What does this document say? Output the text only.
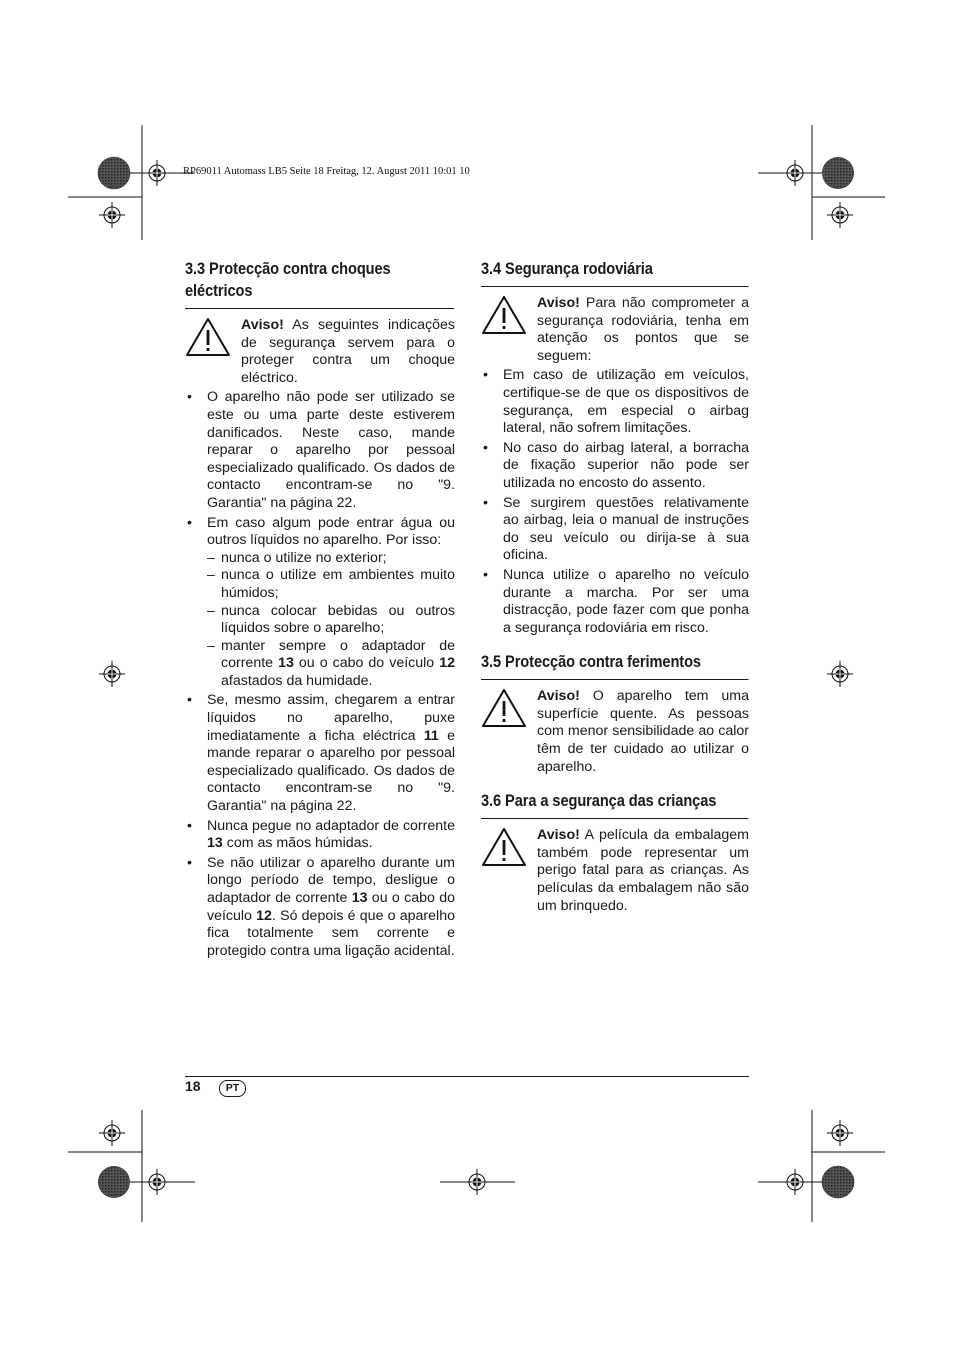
RP69011 Automass LB5 Seite 18 Freitag, 12. August 2011 10:01 10
3.3 Protecção contra choques eléctricos
Aviso! As seguintes indicações de segurança servem para o proteger contra um choque eléctrico.
• O aparelho não pode ser utilizado se este ou uma parte deste estiverem danificados. Neste caso, mande reparar o aparelho por pessoal especializado qualificado. Os dados de contacto encontram-se no "9. Garantia" na página 22.
• Em caso algum pode entrar água ou outros líquidos no aparelho. Por isso:
– nunca o utilize no exterior;
– nunca o utilize em ambientes muito húmidos;
– nunca colocar bebidas ou outros líquidos sobre o aparelho;
– manter sempre o adaptador de corrente 13 ou o cabo do veículo 12 afastados da humidade.
• Se, mesmo assim, chegarem a entrar líquidos no aparelho, puxe imediatamente a ficha eléctrica 11 e mande reparar o aparelho por pessoal especializado qualificado. Os dados de contacto encontram-se no "9. Garantia" na página 22.
• Nunca pegue no adaptador de corrente 13 com as mãos húmidas.
• Se não utilizar o aparelho durante um longo período de tempo, desligue o adaptador de corrente 13 ou o cabo do veículo 12. Só depois é que o aparelho fica totalmente sem corrente e protegido contra uma ligação acidental.
3.4 Segurança rodoviária
Aviso! Para não comprometer a segurança rodoviária, tenha em atenção os pontos que se seguem:
• Em caso de utilização em veículos, certifique-se de que os dispositivos de segurança, em especial o airbag lateral, não sofrem limitações.
• No caso do airbag lateral, a borracha de fixação superior não pode ser utilizada no encosto do assento.
• Se surgirem questões relativamente ao airbag, leia o manual de instruções do seu veículo ou dirija-se à sua oficina.
• Nunca utilize o aparelho no veículo durante a marcha. Por ser uma distracção, pode fazer com que ponha a segurança rodoviária em risco.
3.5 Protecção contra ferimentos
Aviso! O aparelho tem uma superfície quente. As pessoas com menor sensibilidade ao calor têm de ter cuidado ao utilizar o aparelho.
3.6 Para a segurança das crianças
Aviso! A película da embalagem também pode representar um perigo fatal para as crianças. As películas da embalagem não são um brinquedo.
18	PT
